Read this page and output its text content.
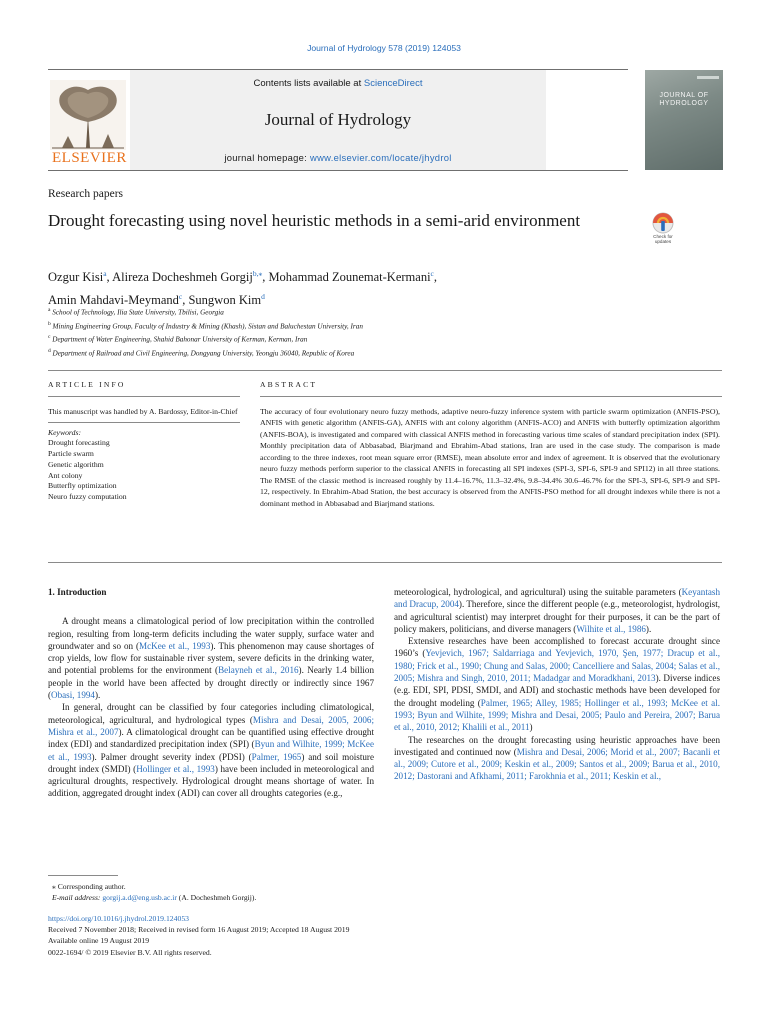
Journal of Hydrology 578 (2019) 124053
ELSEVIER
Contents lists available at ScienceDirect
Journal of Hydrology
journal homepage: www.elsevier.com/locate/jhydrol
JOURNAL OF HYDROLOGY
Research papers
Drought forecasting using novel heuristic methods in a semi-arid environment
Check for updates
Ozgur Kisi$^a$, Alireza Docheshmeh Gorgij$^{b,⁎}$, Mohammad Zounemat-Kermani$^c$,
Amin Mahdavi-Meymand$^c$, Sungwon Kim$^d$
$^a$ School of Technology, Ilia State University, Tbilisi, Georgia
$^b$ Mining Engineering Group, Faculty of Industry & Mining (Khash), Sistan and Baluchestan University, Iran
$^c$ Department of Water Engineering, Shahid Bahonar University of Kerman, Kerman, Iran
$^d$ Department of Railroad and Civil Engineering, Dongyang University, Yeongju 36040, Republic of Korea
ARTICLE INFO	ABSTRACT
This manuscript was handled by A. Bardossy, Editor-in-Chief
Keywords:
Drought forecasting
Particle swarm
Genetic algorithm
Ant colony
Butterfly optimization
Neuro fuzzy computation
The accuracy of four evolutionary neuro fuzzy methods, adaptive neuro-fuzzy inference system with particle swarm optimization (ANFIS-PSO), ANFIS with genetic algorithm (ANFIS-GA), ANFIS with ant colony algorithm (ANFIS-ACO) and ANFIS with butterfly optimization algorithm (ANFIS-BOA), is investigated and compared with classical ANFIS method in forecasting various time scales of standard precipitation index (SPI). Monthly precipitation data of Abbasabad, Biarjmand and Ebrahim-Abad stations, Iran are used in the case study. The comparison is made according to the three indexes, root mean square error (RMSE), mean absolute error and index of agreement. It is observed that the evolutionary neuro fuzzy methods perform superior to the classical ANFIS in forecasting all SPI indexes (SPI-3, SPI-6, SPI-9 and SPI12) in all three stations. The RMSE of the classic method is increased roughly by 11.4–16.7%, 11.3–32.4%, 9.8–34.4% 30.6–46.7% for the SPI-3, SPI-6, SPI-9 and SPI-12, respectively. In Ebrahim-Abad Station, the best accuracy is observed from the ANFIS-PSO method for all drought indexes while there is not a dominant method in Abbasabad and Biarjmand stations.
1. Introduction

A drought means a climatological period of low precipitation within the controlled region, resulting from long-term deficits including the water supply, surface water and groundwater and so on (McKee et al., 1993). This phenomenon may cause shortages of crop yields, low flow for sustainable river system, severe deficits in the drinking water, and potential problems for the environment (Belayneh et al., 2016). Nearly 1.4 billion people in the world have been affected by drought directly or indirectly since 1967 (Obasi, 1994).

In general, drought can be classified by four categories including climatological, meteorological, agricultural, and hydrological types (Mishra and Desai, 2005, 2006; Mishra et al., 2007). A climatological drought can be quantified using effective drought index (EDI) and standardized precipitation index (SPI) (Byun and Wilhite, 1999; McKee et al., 1993). Palmer drought severity index (PDSI) (Palmer, 1965) and soil moisture drought index (SMDI) (Hollinger et al., 1993) have been included in meteorological and agricultural droughts, respectively. Hydrological drought means shortage of water. In addition, aggregated drought index (ADI) can cover all droughts categories (e.g.,

meteorological, hydrological, and agricultural) using the suitable parameters (Keyantash and Dracup, 2004). Therefore, since the different people (e.g., meteorologist, hydrologist, and agricultural scientist) may interpret drought for their purposes, it can be the part of policy makers, politicians, and diverse managers (Wilhite et al., 1986).

Extensive researches have been accomplished to forecast accurate drought since 1960’s (Yevjevich, 1967; Saldarriaga and Yevjevich, 1970, Şen, 1977; Dracup et al., 1980; Frick et al., 1990; Chung and Salas, 2000; Cancelliere and Salas, 2004; Salas et al., 2005; Mishra and Singh, 2010, 2011; Madadgar and Moradkhani, 2013). Diverse indices (e.g. EDI, SPI, PDSI, SMDI, and ADI) and stochastic methods have been developed for the drought modeling (Palmer, 1965; Alley, 1985; Hollinger et al., 1993; McKee et al. 1993; Byun and Wilhite, 1999; Mishra and Desai, 2005; Paulo and Pereira, 2007; Barua et al., 2010, 2012; Khalili et al., 2011)

The researches on the drought forecasting using heuristic approaches have been investigated and continued now (Mishra and Desai, 2006; Morid et al., 2007; Bacanli et al., 2009; Cutore et al., 2009; Keskin et al., 2009; Santos et al., 2009; Barua et al., 2010, 2012; Dastorani and Afkhami, 2011; Farokhnia et al., 2011; Keskin et al.,

⁎ Corresponding author.
E-mail address: gorgij.a.d@eng.usb.ac.ir (A. Docheshmeh Gorgij).
https://doi.org/10.1016/j.jhydrol.2019.124053
Received 7 November 2018; Received in revised form 16 August 2019; Accepted 18 August 2019
Available online 19 August 2019
0022-1694/ © 2019 Elsevier B.V. All rights reserved.
